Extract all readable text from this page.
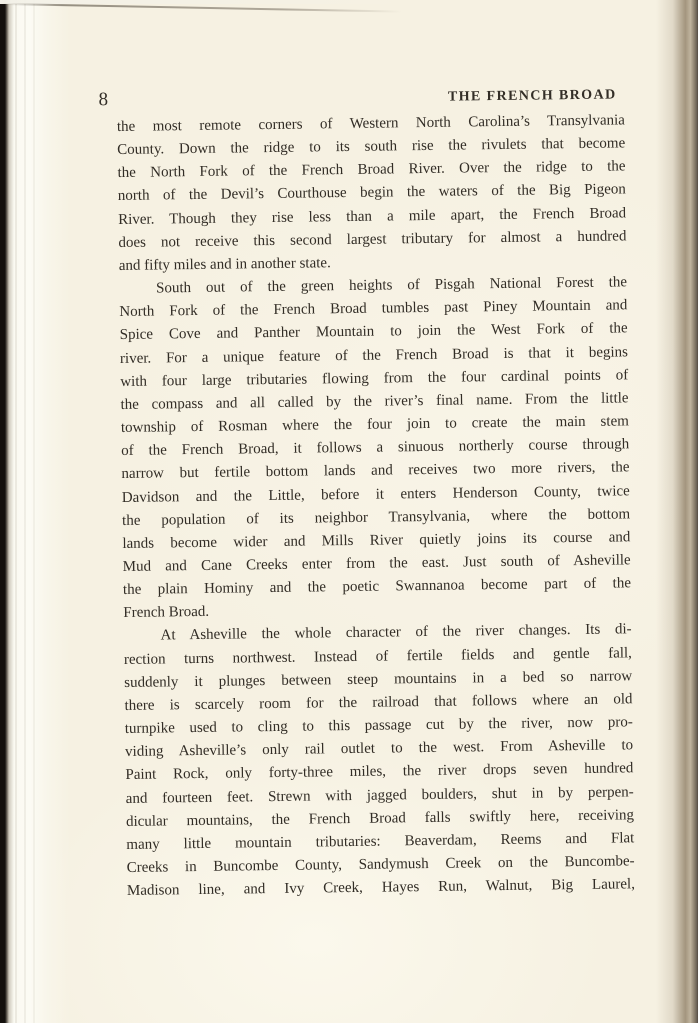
8	THE FRENCH BROAD
the most remote corners of Western North Carolina’s Transylvania
County. Down the ridge to its south rise the rivulets that become
the North Fork of the French Broad River. Over the ridge to the
north of the Devil’s Courthouse begin the waters of the Big Pigeon
River. Though they rise less than a mile apart, the French Broad
does not receive this second largest tributary for almost a hundred
and fifty miles and in another state.
South out of the green heights of Pisgah National Forest the
North Fork of the French Broad tumbles past Piney Mountain and
Spice Cove and Panther Mountain to join the West Fork of the
river. For a unique feature of the French Broad is that it begins
with four large tributaries flowing from the four cardinal points of
the compass and all called by the river’s final name. From the little
township of Rosman where the four join to create the main stem
of the French Broad, it follows a sinuous northerly course through
narrow but fertile bottom lands and receives two more rivers, the
Davidson and the Little, before it enters Henderson County, twice
the population of its neighbor Transylvania, where the bottom
lands become wider and Mills River quietly joins its course and
Mud and Cane Creeks enter from the east. Just south of Asheville
the plain Hominy and the poetic Swannanoa become part of the
French Broad.
At Asheville the whole character of the river changes. Its di-
rection turns northwest. Instead of fertile fields and gentle fall,
suddenly it plunges between steep mountains in a bed so narrow
there is scarcely room for the railroad that follows where an old
turnpike used to cling to this passage cut by the river, now pro-
viding Asheville’s only rail outlet to the west. From Asheville to
Paint Rock, only forty-three miles, the river drops seven hundred
and fourteen feet. Strewn with jagged boulders, shut in by perpen-
dicular mountains, the French Broad falls swiftly here, receiving
many little mountain tributaries: Beaverdam, Reems and Flat
Creeks in Buncombe County, Sandymush Creek on the Buncombe-
Madison line, and Ivy Creek, Hayes Run, Walnut, Big Laurel,
